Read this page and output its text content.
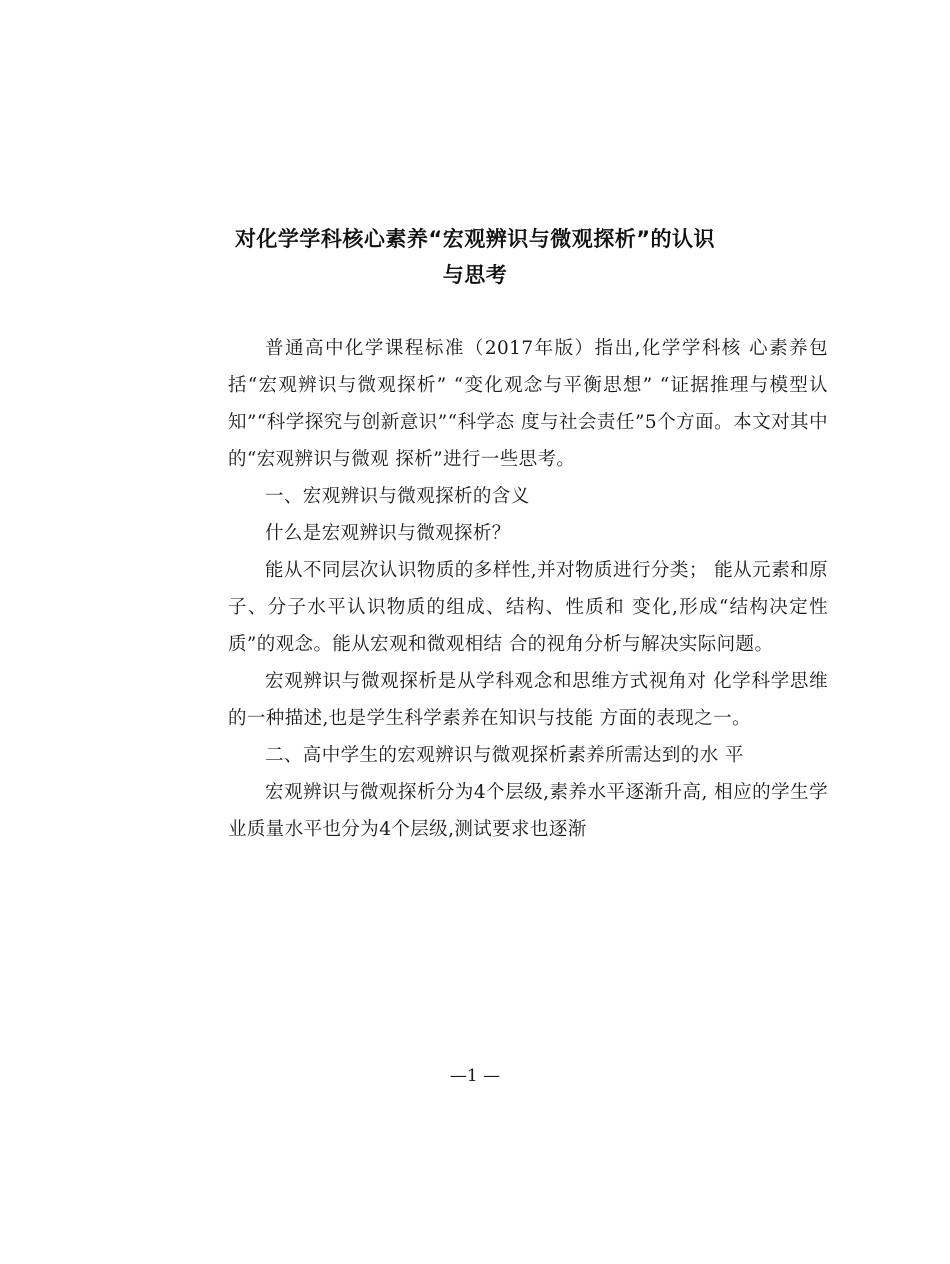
对化学学科核心素养“宏观辨识与微观探析”的认识
与思考

普通高中化学课程标准（2017年版）指出,化学学科核 心素养包括“宏观辨识与微观探析” “变化观念与平衡思想” “证据推理与模型认知”“科学探究与创新意识”“科学态 度与社会责任”5个方面。本文对其中的“宏观辨识与微观 探析”进行一些思考。

一、宏观辨识与微观探析的含义

什么是宏观辨识与微观探析？

能从不同层次认识物质的多样性,并对物质进行分类； 能从元素和原子、分子水平认识物质的组成、结构、性质和 变化,形成“结构决定性质”的观念。能从宏观和微观相结 合的视角分析与解决实际问题。

宏观辨识与微观探析是从学科观念和思维方式视角对 化学科学思维的一种描述,也是学生科学素养在知识与技能 方面的表现之一。

二、高中学生的宏观辨识与微观探析素养所需达到的水 平

宏观辨识与微观探析分为4个层级,素养水平逐渐升高, 相应的学生学业质量水平也分为4个层级,测试要求也逐渐

—1 —
